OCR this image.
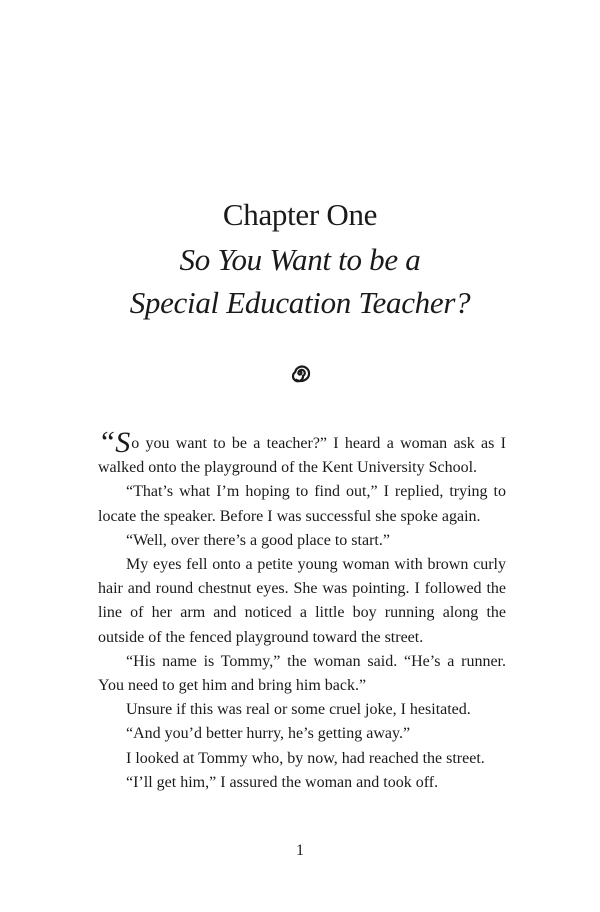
Chapter One
So You Want to be a
Special Education Teacher?

“So you want to be a teacher?” I heard a woman ask as I walked onto the playground of the Kent University School.

“That’s what I’m hoping to find out,” I replied, trying to locate the speaker. Before I was successful she spoke again.

“Well, over there’s a good place to start.”

My eyes fell onto a petite young woman with brown curly hair and round chestnut eyes. She was pointing. I followed the line of her arm and noticed a little boy running along the outside of the fenced playground toward the street.

“His name is Tommy,” the woman said. “He’s a runner. You need to get him and bring him back.”

Unsure if this was real or some cruel joke, I hesitated.

“And you’d better hurry, he’s getting away.”

I looked at Tommy who, by now, had reached the street.

“I’ll get him,” I assured the woman and took off.

1
